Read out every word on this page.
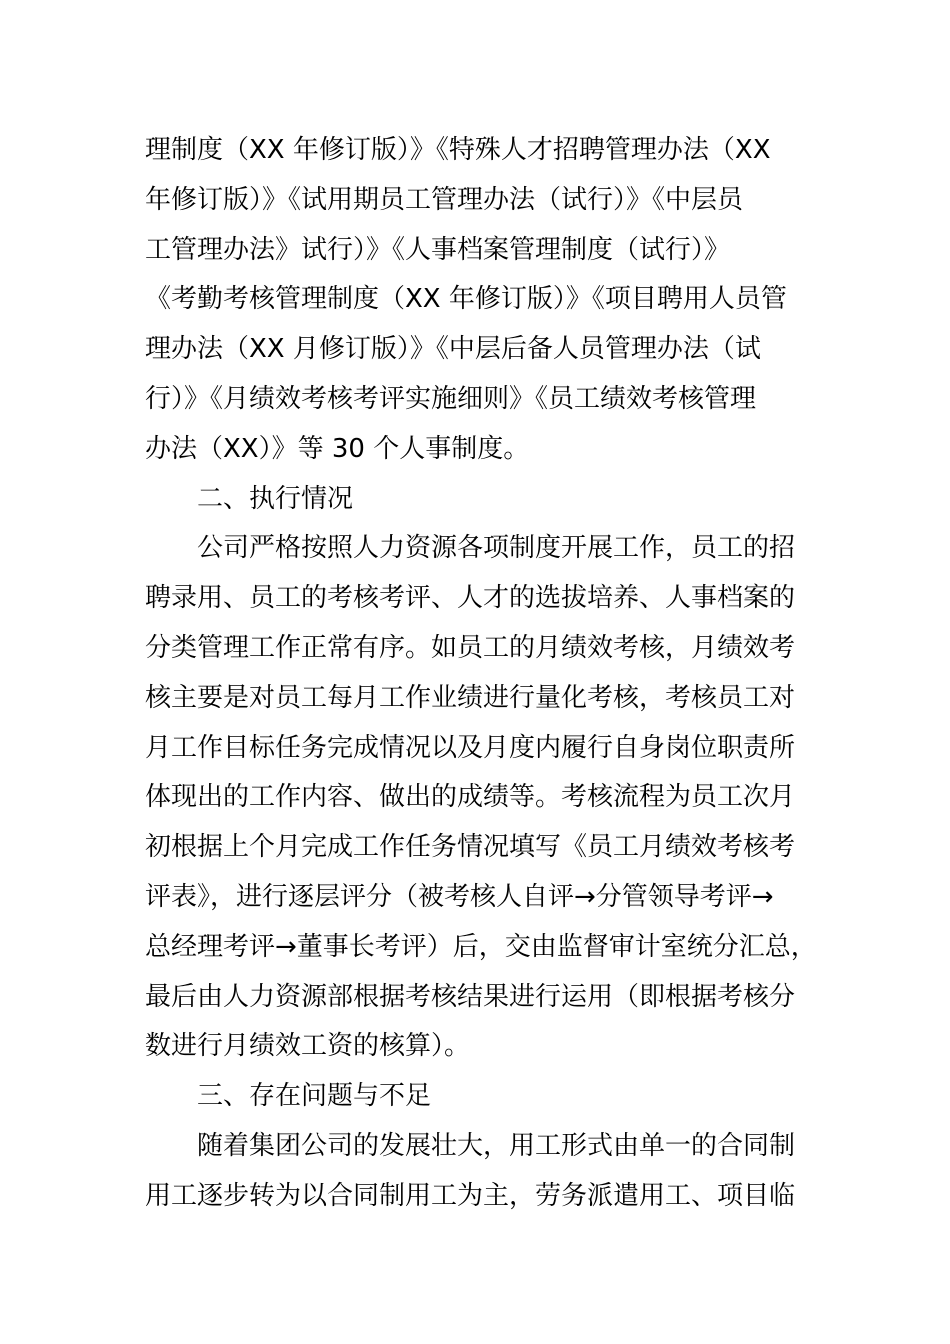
理制度（XX 年修订版）》《特殊人才招聘管理办法（XX
年修订版）》《试用期员工管理办法（试行）》《中层员
工管理办法》试行）》《人事档案管理制度（试行）》
《考勤考核管理制度（XX 年修订版）》《项目聘用人员管
理办法（XX 月修订版）》《中层后备人员管理办法（试
行）》《月绩效考核考评实施细则》《员工绩效考核管理
办法（XX）》等 30 个人事制度。
二、执行情况
公司严格按照人力资源各项制度开展工作，员工的招
聘录用、员工的考核考评、人才的选拔培养、人事档案的
分类管理工作正常有序。如员工的月绩效考核，月绩效考
核主要是对员工每月工作业绩进行量化考核，考核员工对
月工作目标任务完成情况以及月度内履行自身岗位职责所
体现出的工作内容、做出的成绩等。考核流程为员工次月
初根据上个月完成工作任务情况填写《员工月绩效考核考
评表》，进行逐层评分（被考核人自评→分管领导考评→
总经理考评→董事长考评）后，交由监督审计室统分汇总，
最后由人力资源部根据考核结果进行运用（即根据考核分
数进行月绩效工资的核算）。
三、存在问题与不足
随着集团公司的发展壮大，用工形式由单一的合同制
用工逐步转为以合同制用工为主，劳务派遣用工、项目临
